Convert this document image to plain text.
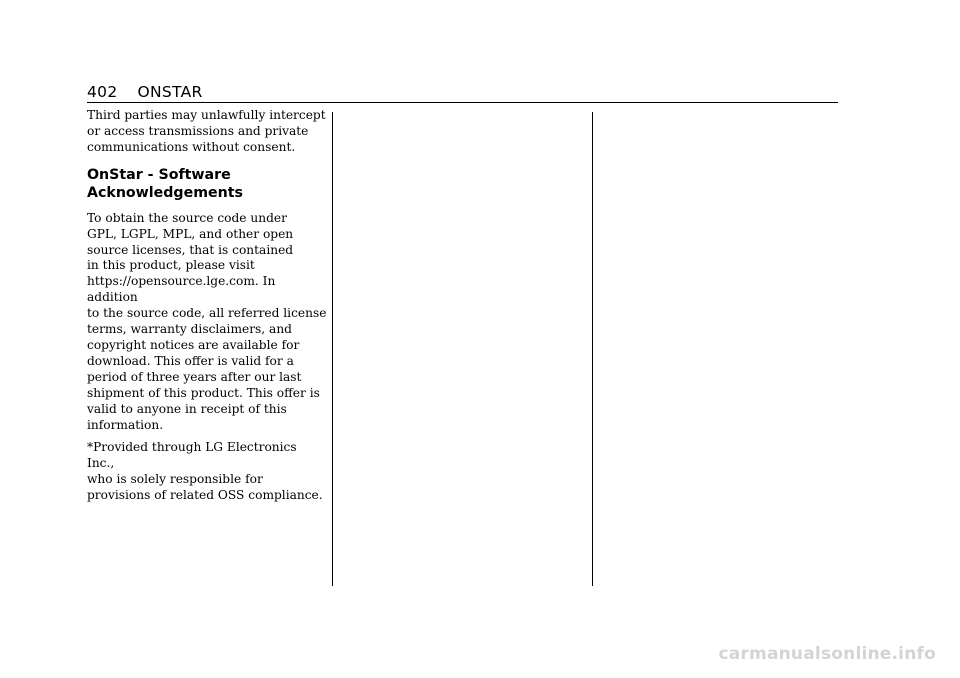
402 ONSTAR

Third parties may unlawfully intercept
or access transmissions and private
communications without consent.

OnStar - Software
Acknowledgements

To obtain the source code under
GPL, LGPL, MPL, and other open
source licenses, that is contained
in this product, please visit
https://opensource.lge.com. In addition
to the source code, all referred license
terms, warranty disclaimers, and
copyright notices are available for
download. This offer is valid for a
period of three years after our last
shipment of this product. This offer is
valid to anyone in receipt of this
information.

*Provided through LG Electronics Inc.,
who is solely responsible for
provisions of related OSS compliance.

carmanualsonline.info
